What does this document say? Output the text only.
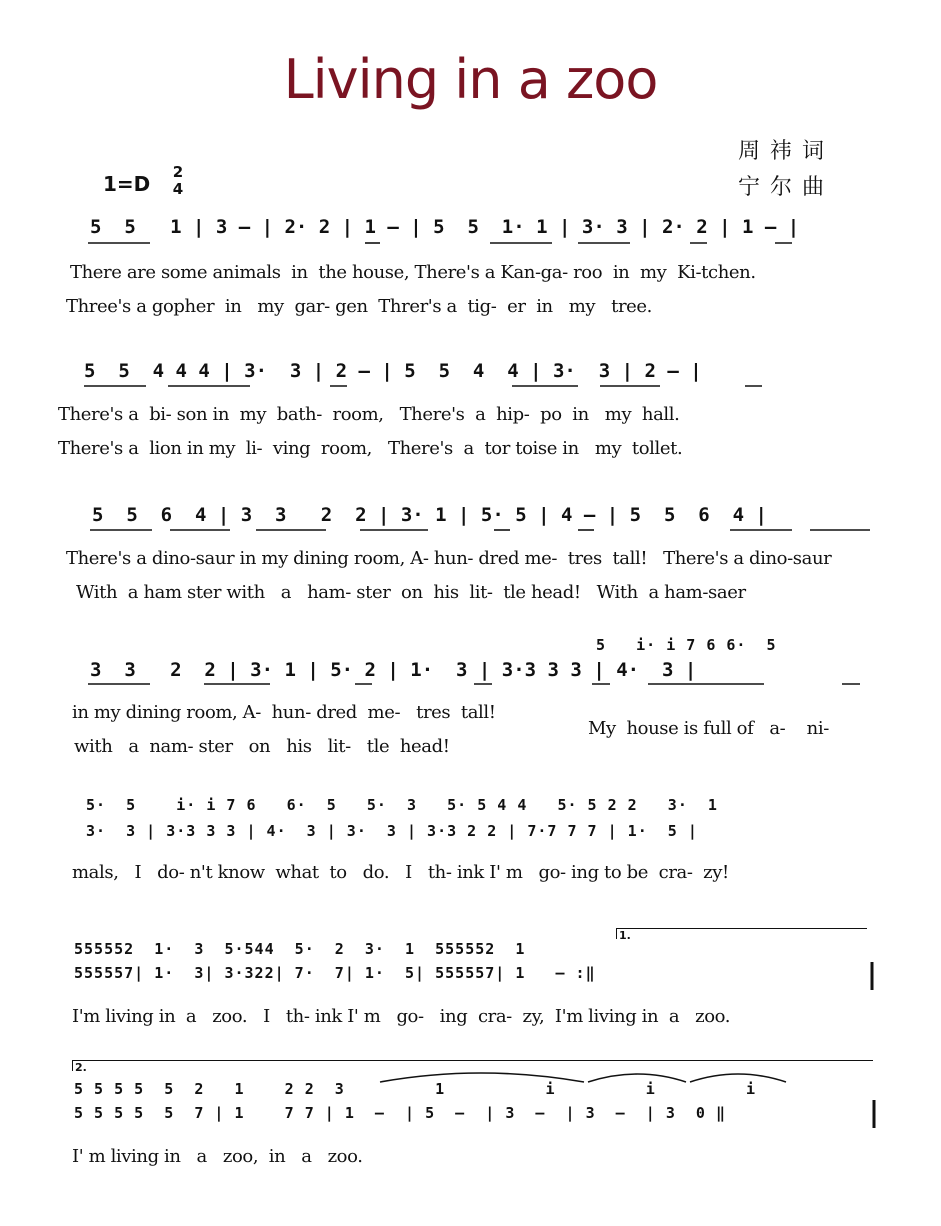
Living in a zoo
周祎词
宁尔曲
1=D 2
4
5  5   1 | 3 – | 2· 2 | 1 – | 5  5  1· 1 | 3· 3 | 2· 2 | 1 – |
There are some animals  in  the house, There's a Kan-ga- roo  in  my  Ki-tchen.
Three's a gopher  in   my  gar- gen  Threr's a  tig-  er  in   my   tree.
5  5  4 4 4 | 3·  3 | 2 – | 5  5  4  4 | 3·  3 | 2 – |
There's a  bi- son in  my  bath-  room,   There's  a  hip-  po  in   my  hall.
There's a  lion in my  li-  ving  room,   There's  a  tor toise in   my  tollet.
5  5  6  4 | 3  3   2  2 | 3· 1 | 5· 5 | 4 – | 5  5  6  4 |
There's a dino-saur in my dining room, A- hun- dred me-  tres  tall!   There's a dino-saur
With  a ham ster with   a   ham- ster  on  his  lit-  tle head!   With  a ham-saer
5   i· i 7 6 6·  5
3  3   2  2 | 3· 1 | 5· 2 | 1·  3 | 3·3 3 3 | 4·  3 |
in my dining room, A-  hun- dred  me-   tres  tall!
with   a  nam- ster   on   his   lit-   tle  head!
My  house is full of   a-    ni-
5·  5    i· i 7 6   6·  5   5·  3   5· 5 4 4   5· 5 2 2   3·  1
3·  3 | 3·3 3 3 | 4·  3 | 3·  3 | 3·3 2 2 | 7·7 7 7 | 1·  5 |
mals,   I   do- n't know  what  to   do.   I   th- ink I' m   go- ing to be  cra-  zy!
1.
555552  1·  3  5·544  5·  2  3·  1  555552  1
555557| 1·  3| 3·322| 7·  7| 1·  5| 555557| 1   – :‖
I'm living in  a   zoo.   I   th- ink I' m   go-   ing  cra-  zy,  I'm living in  a   zoo.
2.
5 5 5 5  5  2   1    2 2  3         1          i         i         i
5 5 5 5  5  7 | 1    7 7 | 1  –  | 5  –  | 3  –  | 3  –  | 3  0 ‖
I' m living in   a   zoo,  in   a   zoo.
